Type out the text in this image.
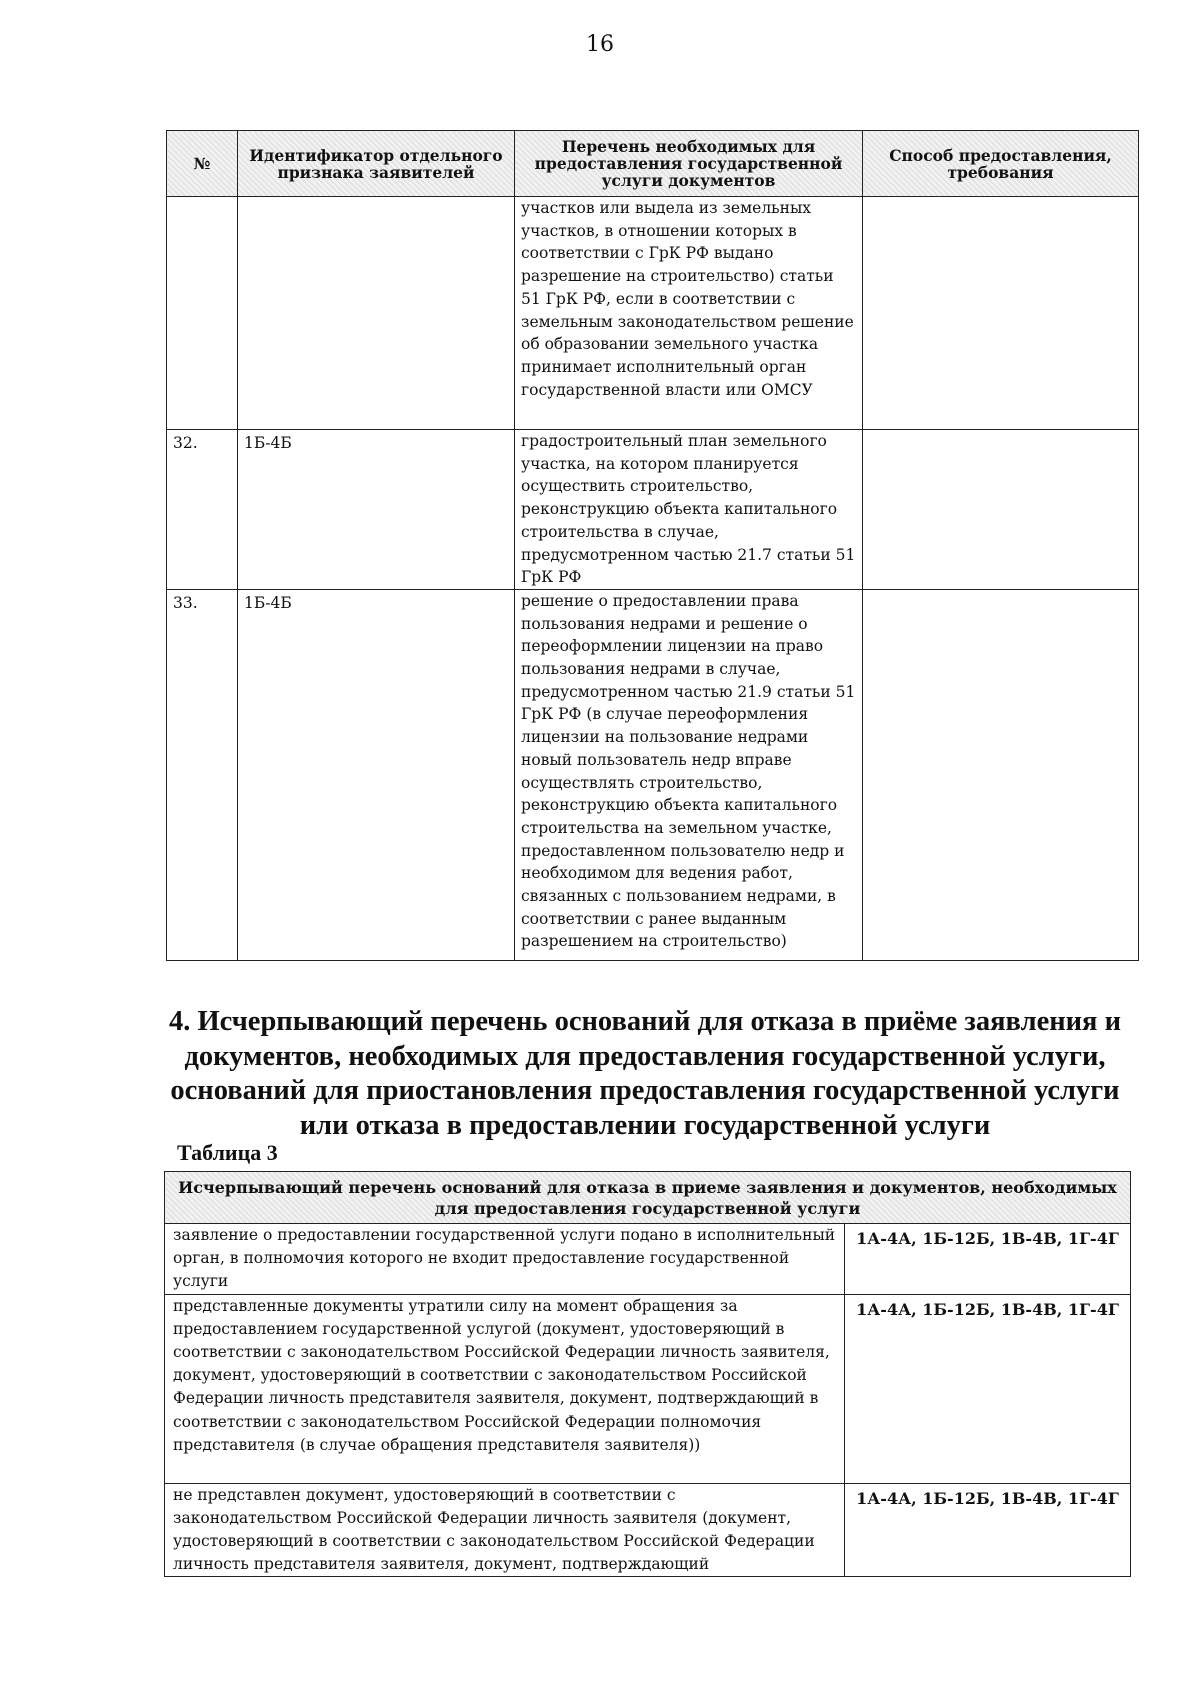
16
№	Идентификатор отдельного признака заявителей	Перечень необходимых для предоставления государственной услуги документов	Способ предоставления, требования
		участков или выдела из земельных участков, в отношении которых в соответствии с ГрК РФ выдано разрешение на строительство) статьи 51 ГрК РФ, если в соответствии с земельным законодательством решение об образовании земельного участка принимает исполнительный орган государственной власти или ОМСУ	
32.	1Б-4Б	градостроительный план земельного участка, на котором планируется осуществить строительство, реконструкцию объекта капитального строительства в случае, предусмотренном частью 21.7 статьи 51 ГрК РФ	
33.	1Б-4Б	решение о предоставлении права пользования недрами и решение о переоформлении лицензии на право пользования недрами в случае, предусмотренном частью 21.9 статьи 51 ГрК РФ (в случае переоформления лицензии на пользование недрами новый пользователь недр вправе осуществлять строительство, реконструкцию объекта капитального строительства на земельном участке, предоставленном пользователю недр и необходимом для ведения работ, связанных с пользованием недрами, в соответствии с ранее выданным разрешением на строительство)	
4. Исчерпывающий перечень оснований для отказа в приёме заявления и документов, необходимых для предоставления государственной услуги, оснований для приостановления предоставления государственной услуги или отказа в предоставлении государственной услуги
Таблица 3
Исчерпывающий перечень оснований для отказа в приеме заявления и документов, необходимых для предоставления государственной услуги	
заявление о предоставлении государственной услуги подано в исполнительный орган, в полномочия которого не входит предоставление государственной услуги	1А-4А, 1Б-12Б, 1В-4В, 1Г-4Г
представленные документы утратили силу на момент обращения за предоставлением государственной услугой (документ, удостоверяющий в соответствии с законодательством Российской Федерации личность заявителя, документ, удостоверяющий в соответствии с законодательством Российской Федерации личность представителя заявителя, документ, подтверждающий в соответствии с законодательством Российской Федерации полномочия представителя (в случае обращения представителя заявителя))	1А-4А, 1Б-12Б, 1В-4В, 1Г-4Г
не представлен документ, удостоверяющий в соответствии с законодательством Российской Федерации личность заявителя (документ, удостоверяющий в соответствии с законодательством Российской Федерации личность представителя заявителя, документ, подтверждающий	1А-4А, 1Б-12Б, 1В-4В, 1Г-4Г
